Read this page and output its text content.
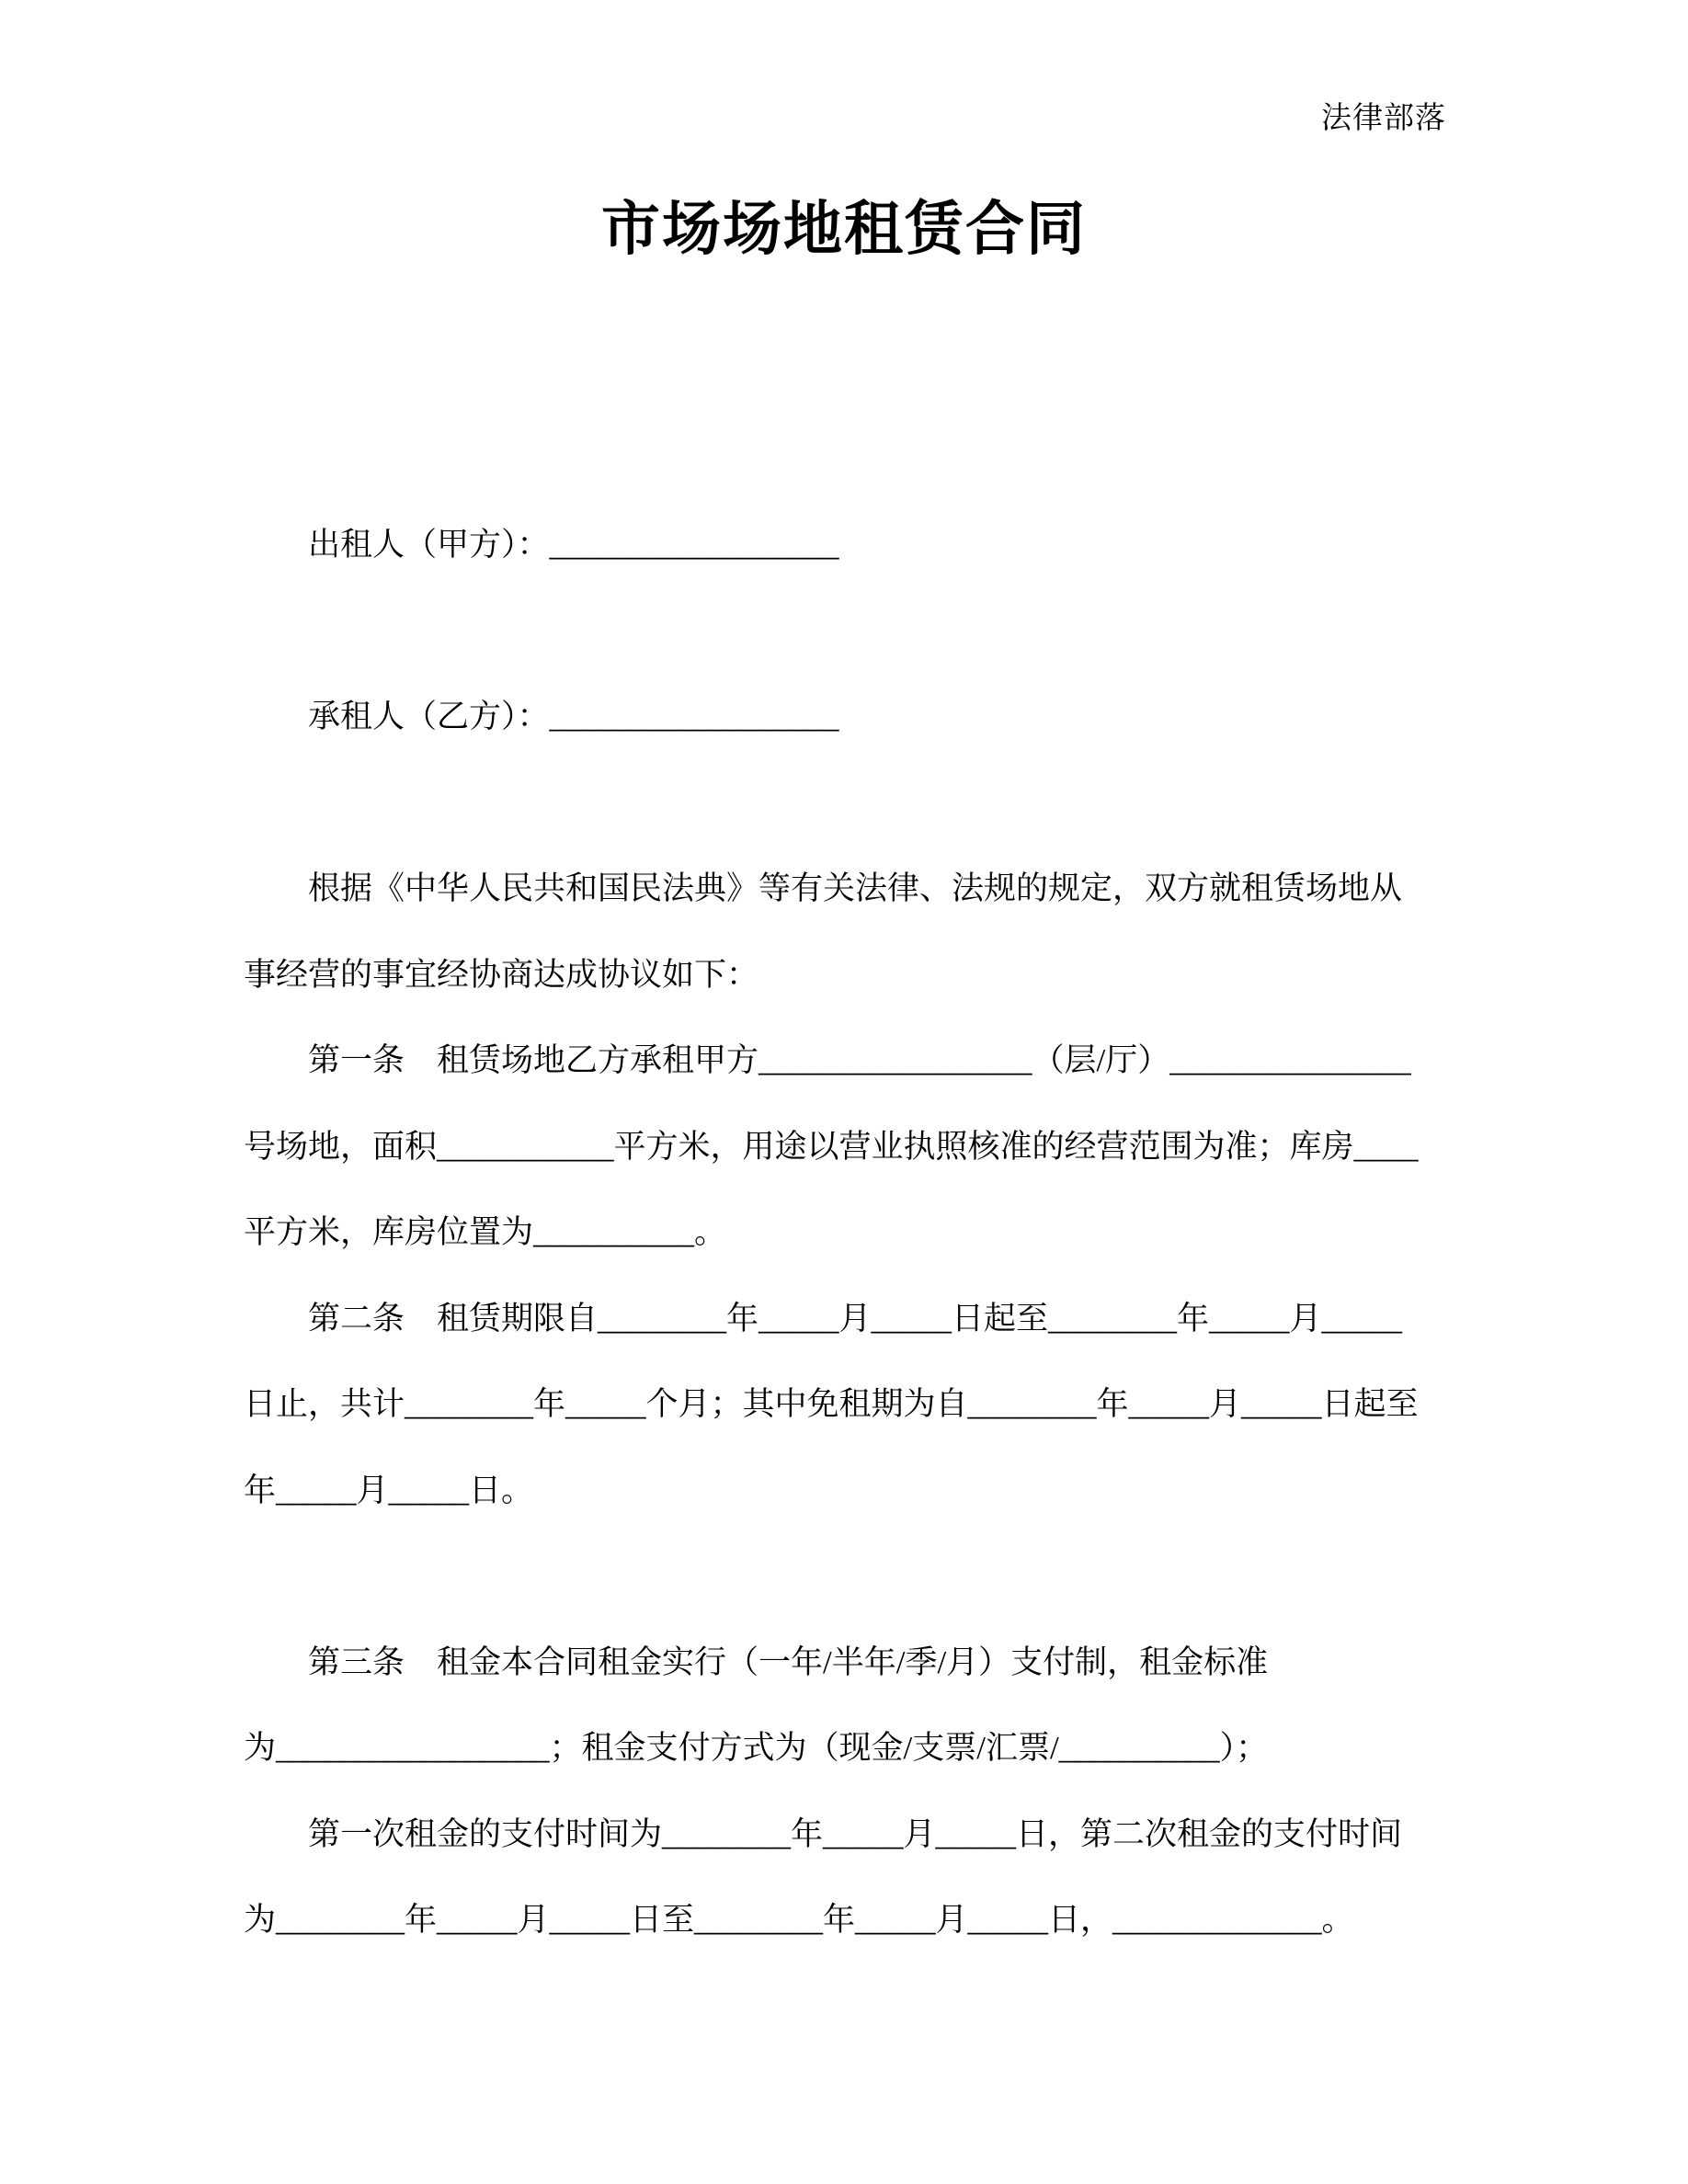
法律部落
市场场地租赁合同
出租人（甲方）：__________________
承租人（乙方）：__________________
根据《中华人民共和国民法典》等有关法律、法规的规定，双方就租赁场地从
事经营的事宜经协商达成协议如下：
第一条　租赁场地乙方承租甲方_________________（层/厅）_______________
号场地，面积___________平方米，用途以营业执照核准的经营范围为准；库房____
平方米，库房位置为__________。
第二条　租赁期限自________年_____月_____日起至________年_____月_____
日止，共计________年_____个月；其中免租期为自________年_____月_____日起至
年_____月_____日。
第三条　租金本合同租金实行（一年/半年/季/月）支付制，租金标准
为_________________；租金支付方式为（现金/支票/汇票/__________）；
第一次租金的支付时间为________年_____月_____日，第二次租金的支付时间
为________年_____月_____日至________年_____月_____日，_____________。
